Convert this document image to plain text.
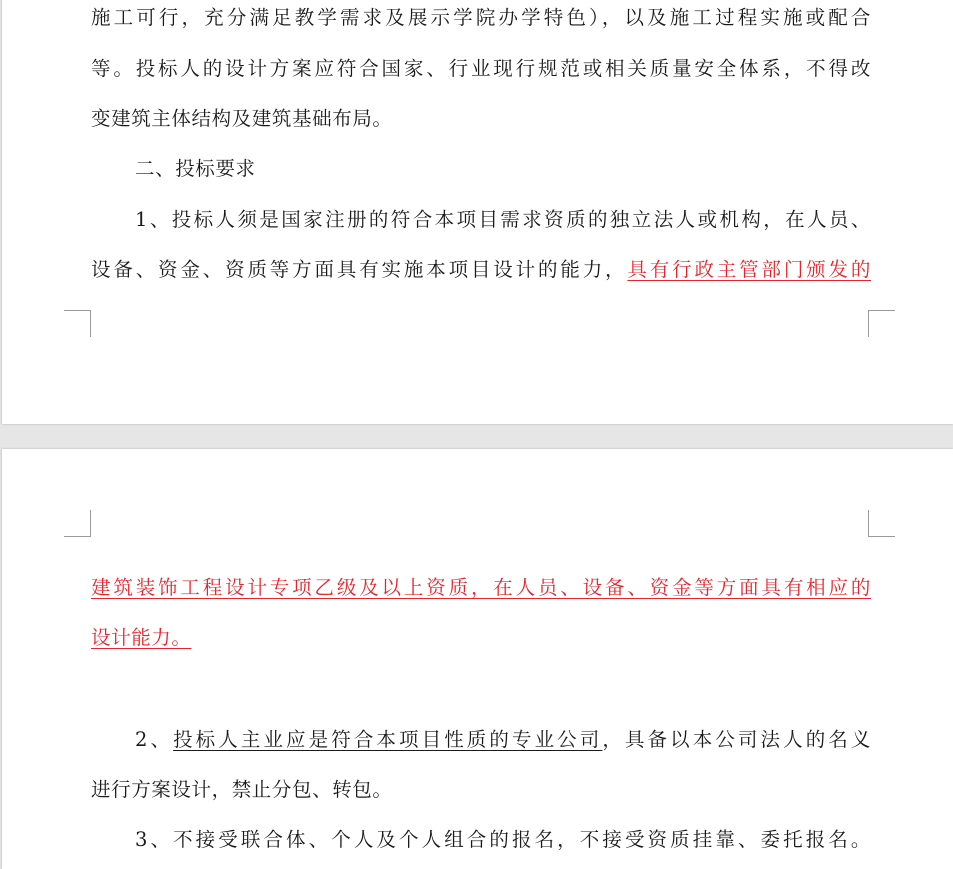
施工可行，充分满足教学需求及展示学院办学特色），以及施工过程实施或配合
等。投标人的设计方案应符合国家、行业现行规范或相关质量安全体系，不得改
变建筑主体结构及建筑基础布局。
二、投标要求
1、投标人须是国家注册的符合本项目需求资质的独立法人或机构，在人员、
设备、资金、资质等方面具有实施本项目设计的能力，具有行政主管部门颁发的
建筑装饰工程设计专项乙级及以上资质，在人员、设备、资金等方面具有相应的
设计能力。
2、投标人主业应是符合本项目性质的专业公司，具备以本公司法人的名义
进行方案设计，禁止分包、转包。
3、不接受联合体、个人及个人组合的报名，不接受资质挂靠、委托报名。
